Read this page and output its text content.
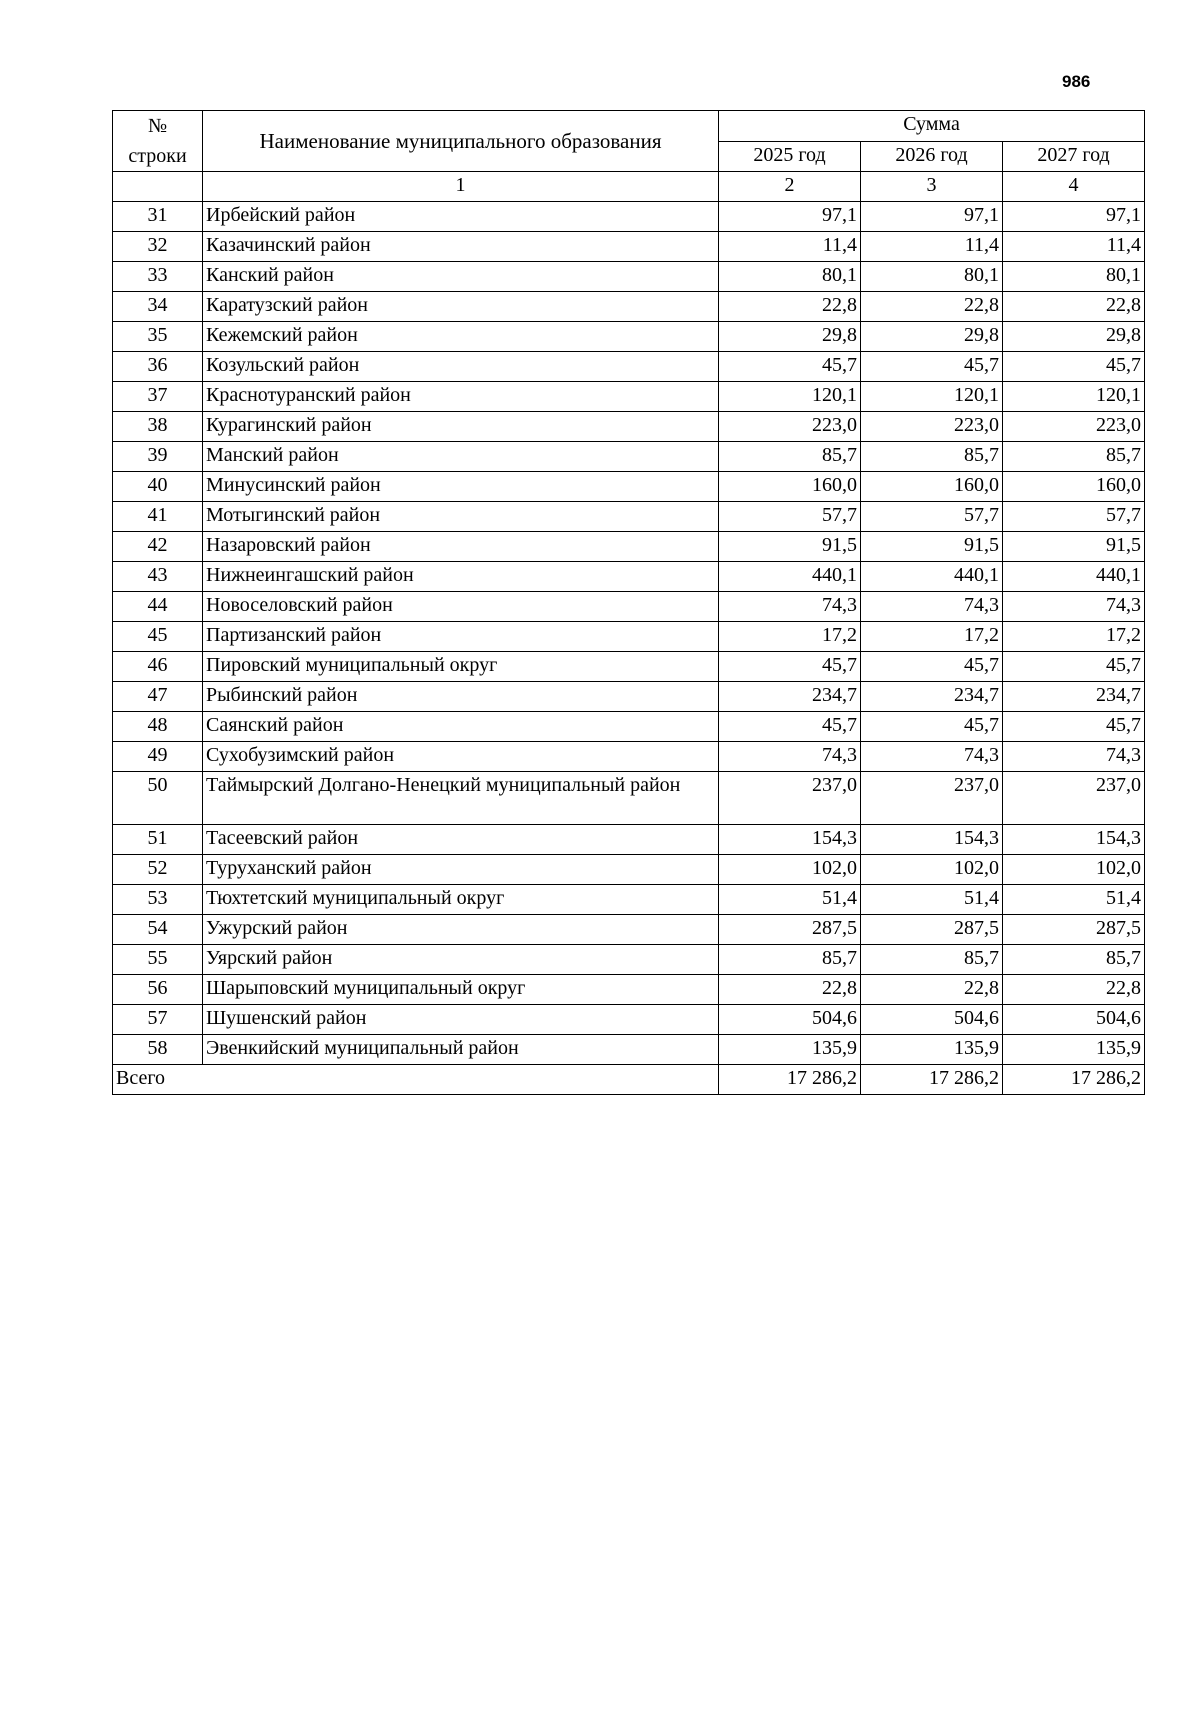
986
№
строки	Наименование муниципального образования	Сумма		
		2025 год	2026 год	2027 год
	1	2	3	4
31	Ирбейский район	97,1	97,1	97,1
32	Казачинский район	11,4	11,4	11,4
33	Канский район	80,1	80,1	80,1
34	Каратузский район	22,8	22,8	22,8
35	Кежемский район	29,8	29,8	29,8
36	Козульский район	45,7	45,7	45,7
37	Краснотуранский район	120,1	120,1	120,1
38	Курагинский район	223,0	223,0	223,0
39	Манский район	85,7	85,7	85,7
40	Минусинский район	160,0	160,0	160,0
41	Мотыгинский район	57,7	57,7	57,7
42	Назаровский район	91,5	91,5	91,5
43	Нижнеингашский район	440,1	440,1	440,1
44	Новоселовский район	74,3	74,3	74,3
45	Партизанский район	17,2	17,2	17,2
46	Пировский муниципальный округ	45,7	45,7	45,7
47	Рыбинский район	234,7	234,7	234,7
48	Саянский район	45,7	45,7	45,7
49	Сухобузимский район	74,3	74,3	74,3
50	Таймырский Долгано-Ненецкий муниципальный район	237,0	237,0	237,0
51	Тасеевский район	154,3	154,3	154,3
52	Туруханский район	102,0	102,0	102,0
53	Тюхтетский муниципальный округ	51,4	51,4	51,4
54	Ужурский район	287,5	287,5	287,5
55	Уярский район	85,7	85,7	85,7
56	Шарыповский муниципальный округ	22,8	22,8	22,8
57	Шушенский район	504,6	504,6	504,6
58	Эвенкийский муниципальный район	135,9	135,9	135,9
Всего		17 286,2	17 286,2	17 286,2
